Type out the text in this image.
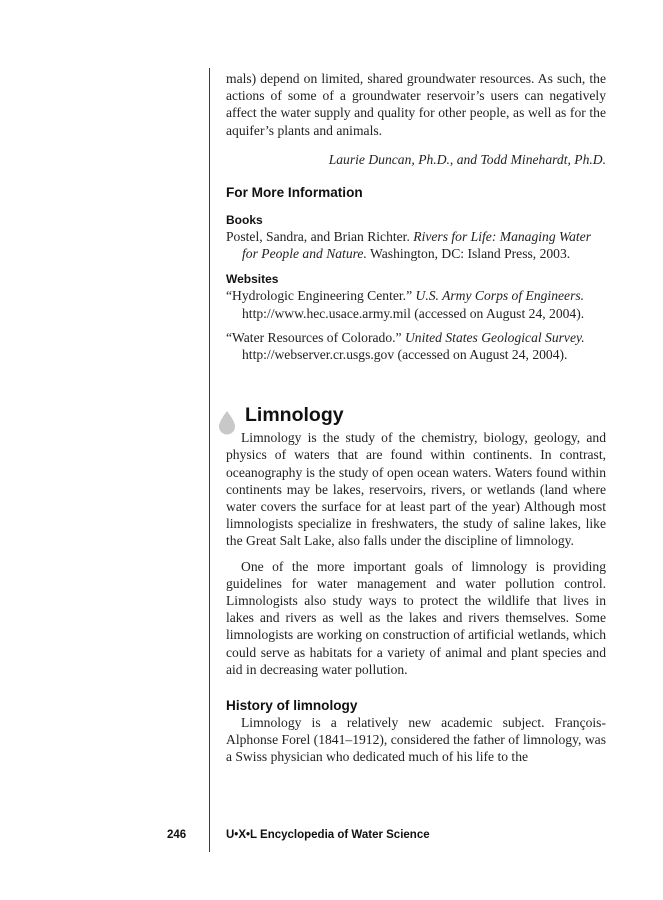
mals) depend on limited, shared groundwater resources. As such, the actions of some of a groundwater reservoir’s users can negatively affect the water supply and quality for other people, as well as for the aquifer’s plants and animals.

Laurie Duncan, Ph.D., and Todd Minehardt, Ph.D.

For More Information
Books

Postel, Sandra, and Brian Richter. Rivers for Life: Managing Water for People and Nature. Washington, DC: Island Press, 2003.

Websites

“Hydrologic Engineering Center.” U.S. Army Corps of Engineers. http://www.hec.usace.army.mil (accessed on August 24, 2004).

“Water Resources of Colorado.” United States Geological Survey. http://webserver.cr.usgs.gov (accessed on August 24, 2004).

Limnology

Limnology is the study of the chemistry, biology, geology, and physics of waters that are found within continents. In contrast, oceanography is the study of open ocean waters. Waters found within continents may be lakes, reservoirs, rivers, or wetlands (land where water covers the surface for at least part of the year) Although most limnologists specialize in freshwaters, the study of saline lakes, like the Great Salt Lake, also falls under the discipline of limnology.

One of the more important goals of limnology is providing guidelines for water management and water pollution control. Limnologists also study ways to protect the wildlife that lives in lakes and rivers as well as the lakes and rivers themselves. Some limnologists are working on construction of artificial wetlands, which could serve as habitats for a variety of animal and plant species and aid in decreasing water pollution.

History of limnology

Limnology is a relatively new academic subject. François-Alphonse Forel (1841–1912), considered the father of limnology, was a Swiss physician who dedicated much of his life to the

246	U•X•L Encyclopedia of Water Science
